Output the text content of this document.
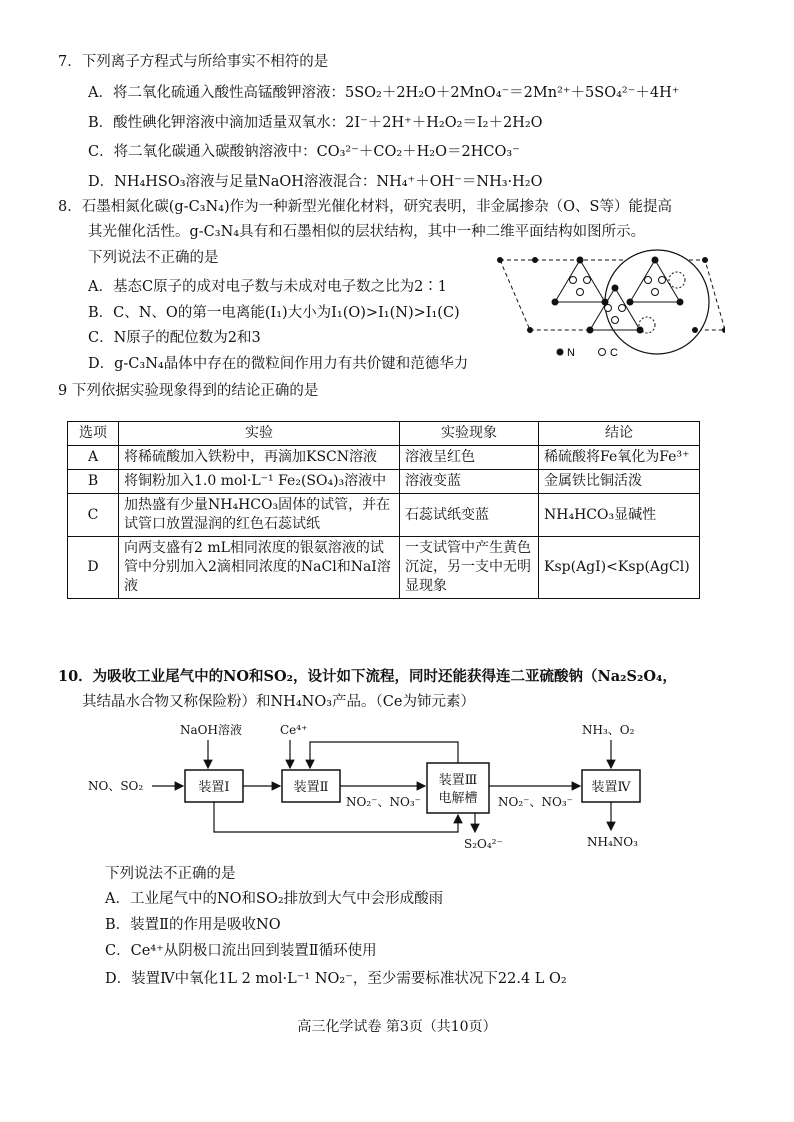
7．下列离子方程式与所给事实不相符的是
A．将二氧化硫通入酸性高锰酸钾溶液：5SO₂＋2H₂O＋2MnO₄⁻＝2Mn²⁺＋5SO₄²⁻＋4H⁺
B．酸性碘化钾溶液中滴加适量双氧水：2I⁻＋2H⁺＋H₂O₂＝I₂＋2H₂O
C．将二氧化碳通入碳酸钠溶液中：CO₃²⁻＋CO₂＋H₂O＝2HCO₃⁻
D．NH₄HSO₃溶液与足量NaOH溶液混合：NH₄⁺＋OH⁻＝NH₃·H₂O
8．石墨相氮化碳(g-C₃N₄)作为一种新型光催化材料，研究表明，非金属掺杂（O、S等）能提高
其光催化活性。g-C₃N₄具有和石墨相似的层状结构，其中一种二维平面结构如图所示。
下列说法不正确的是
A．基态C原子的成对电子数与未成对电子数之比为2∶1
B．C、N、O的第一电离能(I₁)大小为I₁(O)>I₁(N)>I₁(C)
C．N原子的配位数为2和3
D．g-C₃N₄晶体中存在的微粒间作用力有共价键和范德华力
N	C
9 下列依据实验现象得到的结论正确的是
选项	实验	实验现象	结论
A	将稀硫酸加入铁粉中，再滴加KSCN溶液	溶液呈红色	稀硫酸将Fe氧化为Fe³⁺
B	将铜粉加入1.0 mol·L⁻¹ Fe₂(SO₄)₃溶液中	溶液变蓝	金属铁比铜活泼
C	加热盛有少量NH₄HCO₃固体的试管，并在试管口放置湿润的红色石蕊试纸	石蕊试纸变蓝	NH₄HCO₃显碱性
D	向两支盛有2 mL相同浓度的银氨溶液的试管中分别加入2滴相同浓度的NaCl和NaI溶液	一支试管中产生黄色沉淀，另一支中无明显现象	Ksp(AgI)<Ksp(AgCl)
10．为吸收工业尾气中的NO和SO₂，设计如下流程，同时还能获得连二亚硫酸钠（Na₂S₂O₄，
其结晶水合物又称保险粉）和NH₄NO₃产品。（Ce为铈元素）
NaOH溶液	Ce⁴⁺	NH₃、O₂
NO、SO₂
NO₂⁻、NO₃⁻	NO₂⁻、NO₃⁻
S₂O₄²⁻	NH₄NO₃
装置Ⅰ	装置Ⅱ	装置Ⅲ
电解槽
装置Ⅳ
下列说法不正确的是
A．工业尾气中的NO和SO₂排放到大气中会形成酸雨
B．装置Ⅱ的作用是吸收NO
C．Ce⁴⁺从阴极口流出回到装置Ⅱ循环使用
D．装置Ⅳ中氧化1L 2 mol·L⁻¹ NO₂⁻，至少需要标准状况下22.4 L O₂
高三化学试卷 第3页（共10页）
